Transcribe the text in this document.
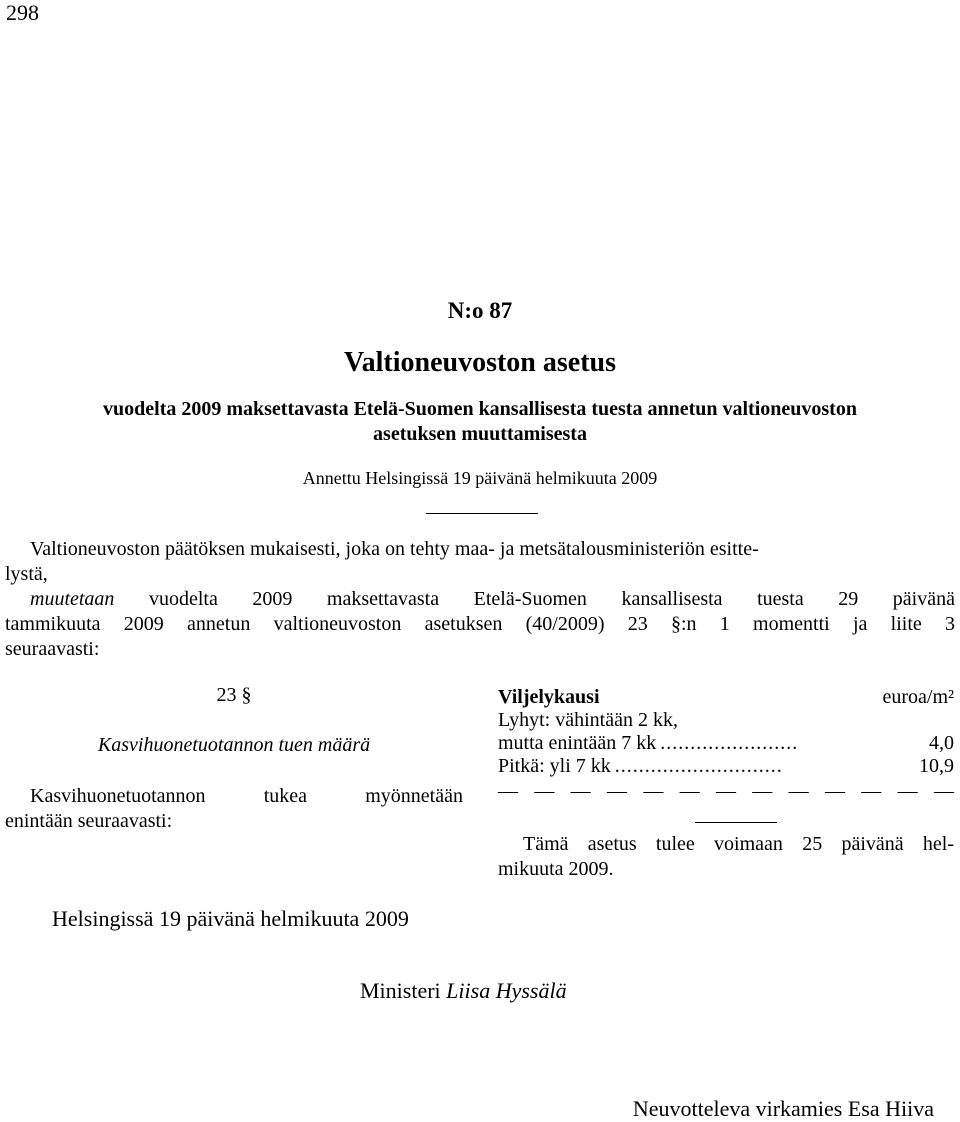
298
N:o 87
Valtioneuvoston asetus
vuodelta 2009 maksettavasta Etelä-Suomen kansallisesta tuesta annetun valtioneuvoston
asetuksen muuttamisesta
Annettu Helsingissä 19 päivänä helmikuuta 2009
Valtioneuvoston päätöksen mukaisesti, joka on tehty maa- ja metsätalousministeriön esitte-
lystä,
muutetaan vuodelta 2009 maksettavasta Etelä-Suomen kansallisesta tuesta 29 päivänä
tammikuuta 2009 annetun valtioneuvoston asetuksen (40/2009) 23 §:n 1 momentti ja liite 3
seuraavasti:
23 §
Kasvihuonetuotannon tuen määrä
Kasvihuonetuotannon tukea myönnetään
enintään seuraavasti:
Viljelykausi	euroa/m²
Lyhyt: vähintään 2 kk,
mutta enintään 7 kk .......................	4,0
Pitkä: yli 7 kk ............................	10,9
— — — — — — — — — — — — —
Tämä asetus tulee voimaan 25 päivänä hel-
mikuuta 2009.
Helsingissä 19 päivänä helmikuuta 2009
Ministeri Liisa Hyssälä
Neuvotteleva virkamies Esa Hiiva
